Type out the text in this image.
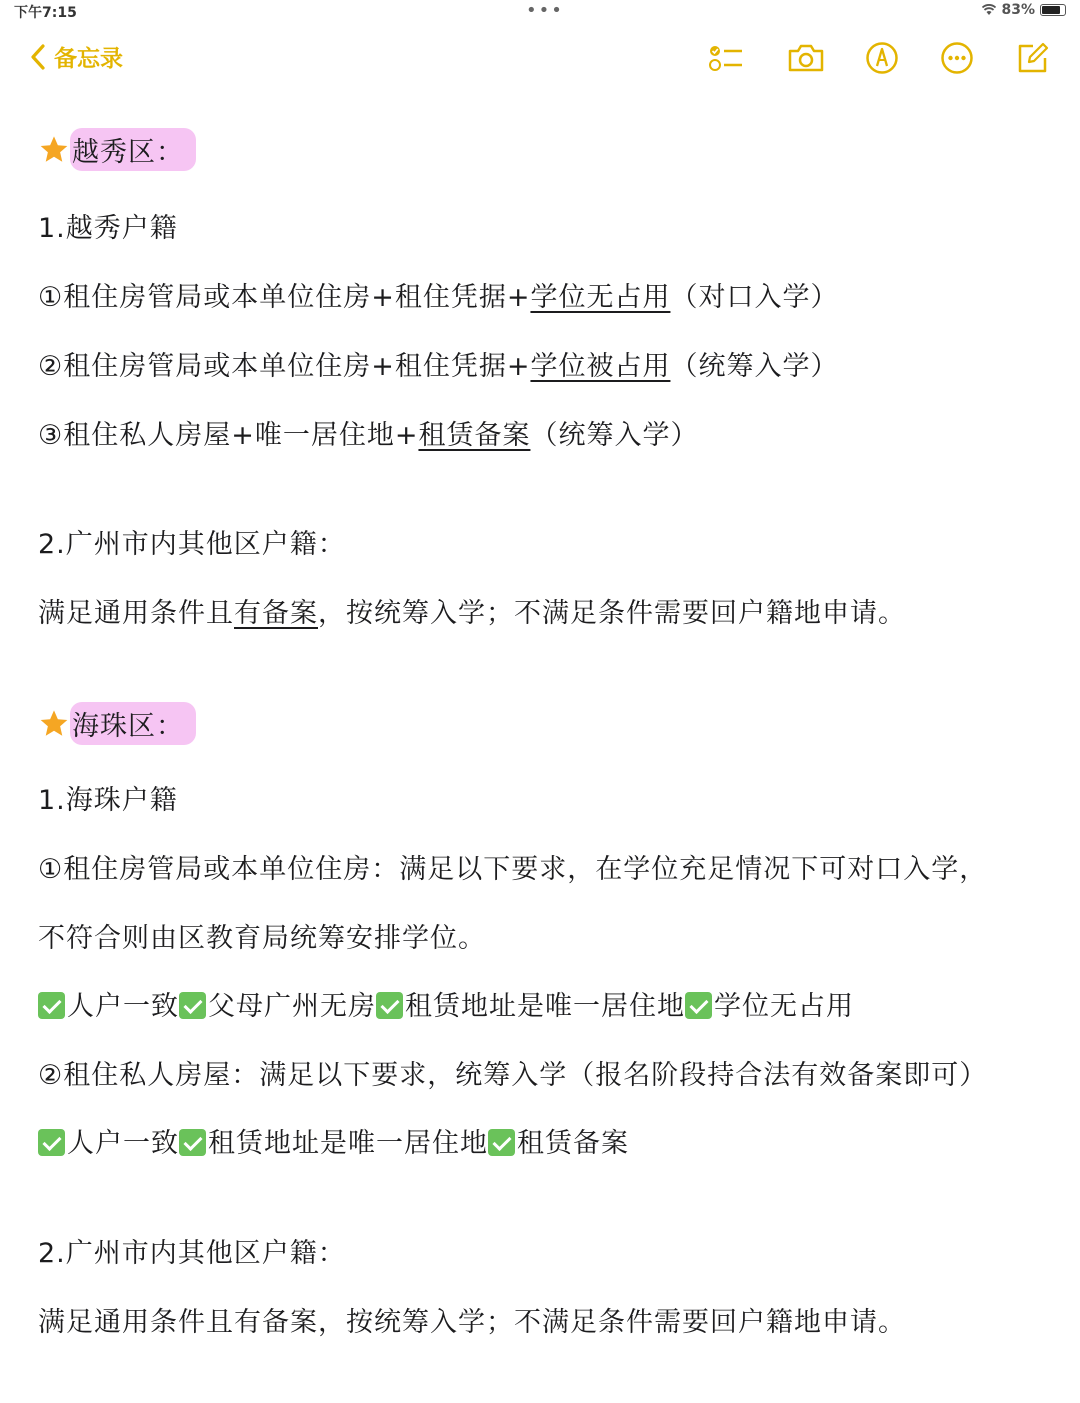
下午7:15	•••	83%
备忘录
越秀区：
1.越秀户籍
①租住房管局或本单位住房+租住凭据+学位无占用（对口入学）
②租住房管局或本单位住房+租住凭据+学位被占用（统筹入学）
③租住私人房屋+唯一居住地+租赁备案（统筹入学）
2.广州市内其他区户籍：
满足通用条件且有备案，按统筹入学；不满足条件需要回户籍地申请。
海珠区：
1.海珠户籍
①租住房管局或本单位住房：满足以下要求，在学位充足情况下可对口入学，
不符合则由区教育局统筹安排学位。
人户一致 父母广州无房 租赁地址是唯一居住地 学位无占用
②租住私人房屋：满足以下要求，统筹入学（报名阶段持合法有效备案即可）
人户一致 租赁地址是唯一居住地 租赁备案
2.广州市内其他区户籍：
满足通用条件且有备案，按统筹入学；不满足条件需要回户籍地申请。
